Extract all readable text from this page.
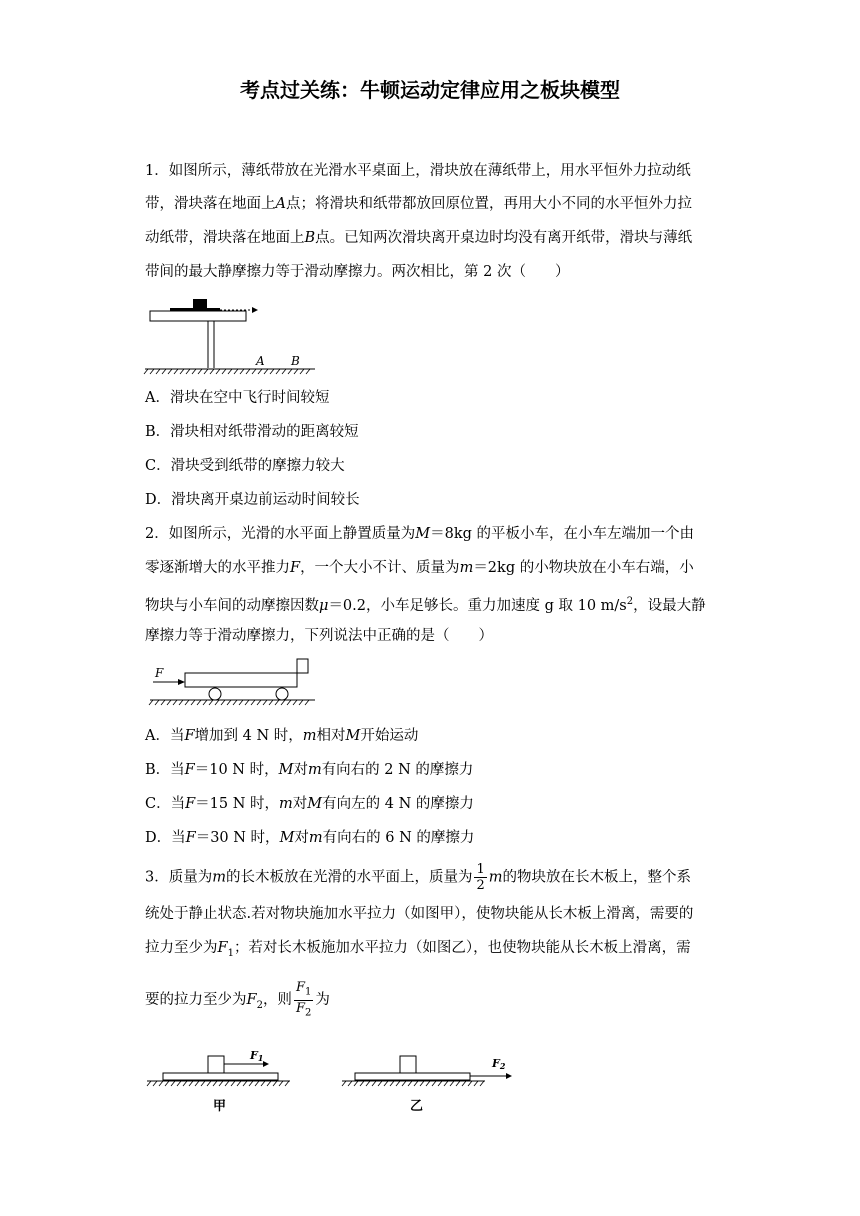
考点过关练：牛顿运动定律应用之板块模型
1．如图所示，薄纸带放在光滑水平桌面上，滑块放在薄纸带上，用水平恒外力拉动纸
带，滑块落在地面上A点；将滑块和纸带都放回原位置，再用大小不同的水平恒外力拉
动纸带，滑块落在地面上B点。已知两次滑块离开桌边时均没有离开纸带，滑块与薄纸
带间的最大静摩擦力等于滑动摩擦力。两次相比，第 2 次（　　）
A B
A．滑块在空中飞行时间较短
B．滑块相对纸带滑动的距离较短
C．滑块受到纸带的摩擦力较大
D．滑块离开桌边前运动时间较长
2．如图所示，光滑的水平面上静置质量为M＝8kg 的平板小车，在小车左端加一个由
零逐渐增大的水平推力F，一个大小不计、质量为m＝2kg 的小物块放在小车右端，小
物块与小车间的动摩擦因数μ＝0.2，小车足够长。重力加速度 g 取 10 $m/s^2$，设最大静
摩擦力等于滑动摩擦力，下列说法中正确的是（　　）
F
A．当F增加到 4 N 时，m相对M开始运动
B．当F＝10 N 时，M对m有向右的 2 N 的摩擦力
C．当F＝15 N 时，m对M有向左的 4 N 的摩擦力
D．当F＝30 N 时，M对m有向右的 6 N 的摩擦力
3．质量为m的长木板放在光滑的水平面上，质量为 $\frac{1}{2}$ m的物块放在长木板上，整个系
统处于静止状态.若对物块施加水平拉力（如图甲），使物块能从长木板上滑离，需要的
拉力至少为$F_1$；若对长木板施加水平拉力（如图乙），也使物块能从长木板上滑离，需
要的拉力至少为$F_2$，则 $\frac{F_1}{F_2}$ 为
F1
甲
F2
乙
